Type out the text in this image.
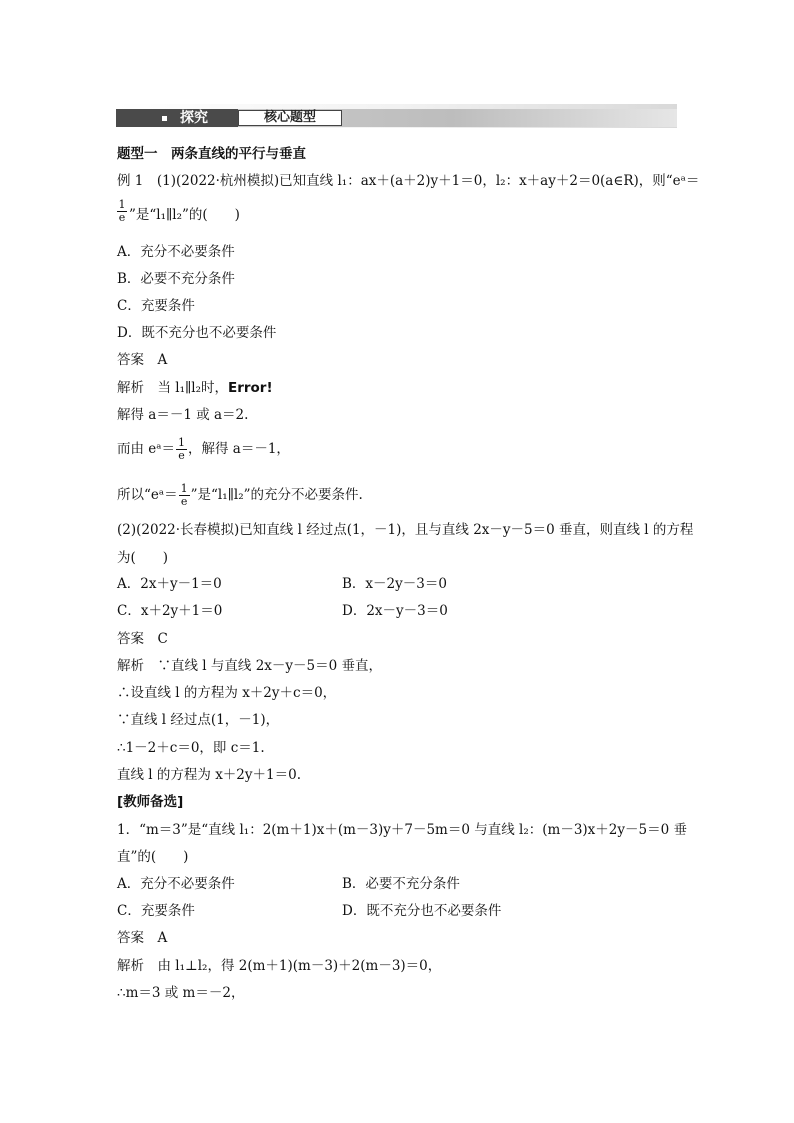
探究	核心题型
题型一　两条直线的平行与垂直
例 1　(1)(2022·杭州模拟)已知直线 l₁：ax＋(a＋2)y＋1＝0，l₂：x＋ay＋2＝0(a∈R)，则“eᵃ＝
$\frac{1}{e}$ ”是“l₁∥l₂”的(　　)
A．充分不必要条件
B．必要不充分条件
C．充要条件
D．既不充分也不必要条件
答案　A
解析　当 l₁∥l₂时，Error!
解得 a＝－1 或 a＝2.
而由 eᵃ＝ $\frac{1}{e}$ ，解得 a＝－1，
所以“eᵃ＝ $\frac{1}{e}$ ”是“l₁∥l₂”的充分不必要条件.
(2)(2022·长春模拟)已知直线 l 经过点(1，－1)，且与直线 2x－y－5＝0 垂直，则直线 l 的方程
为(　　)
A．2x＋y－1＝0	B．x－2y－3＝0
C．x＋2y＋1＝0	D．2x－y－3＝0
答案　C
解析　∵直线 l 与直线 2x－y－5＝0 垂直，
∴设直线 l 的方程为 x＋2y＋c＝0，
∵直线 l 经过点(1，－1)，
∴1－2＋c＝0，即 c＝1.
直线 l 的方程为 x＋2y＋1＝0.
[教师备选]
1．“m＝3”是“直线 l₁：2(m＋1)x＋(m－3)y＋7－5m＝0 与直线 l₂：(m－3)x＋2y－5＝0 垂
直”的(　　)
A．充分不必要条件	B．必要不充分条件
C．充要条件	D．既不充分也不必要条件
答案　A
解析　由 l₁⊥l₂，得 2(m＋1)(m－3)＋2(m－3)＝0，
∴m＝3 或 m＝－2，
